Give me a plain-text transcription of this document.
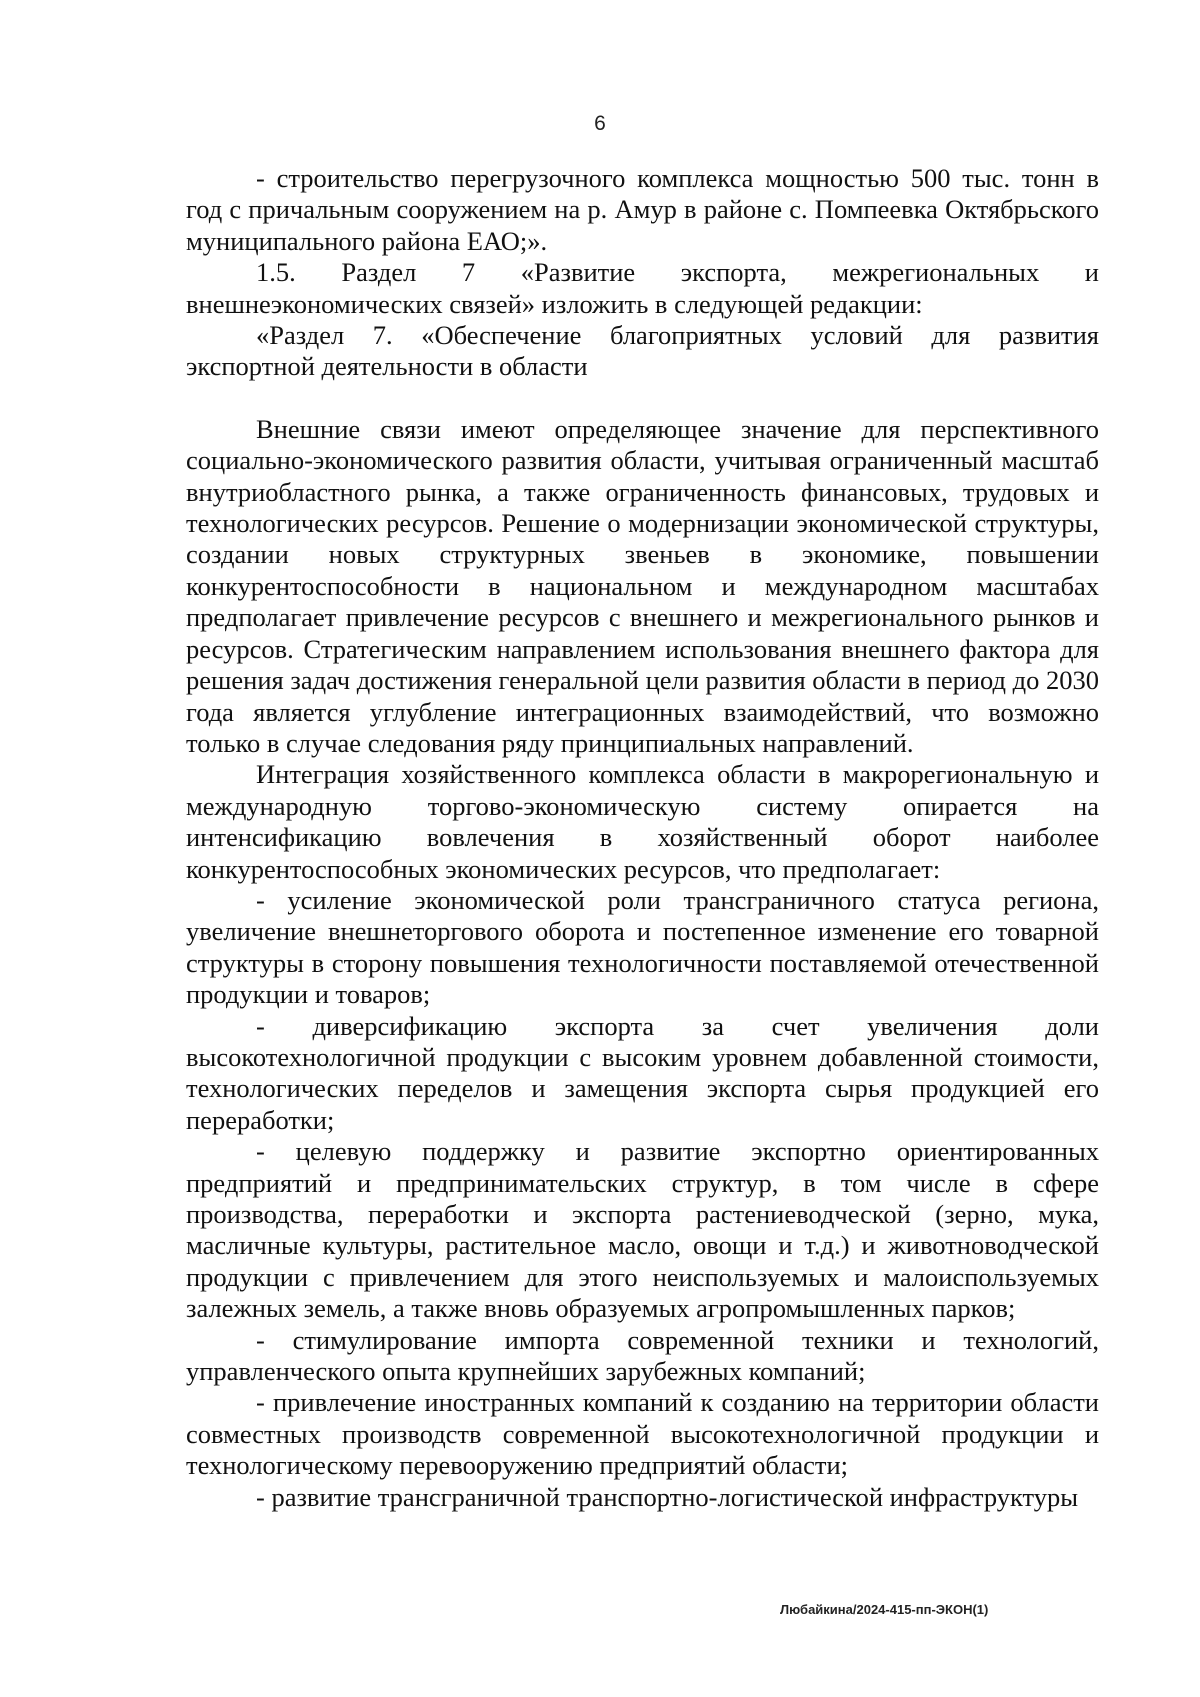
6

- строительство перегрузочного комплекса мощностью 500 тыс. тонн в год с причальным сооружением на р. Амур в районе с. Помпеевка Октябрьского муниципального района ЕАО;».

1.5. Раздел 7 «Развитие экспорта, межрегиональных и внешнеэкономических связей» изложить в следующей редакции:

«Раздел 7. «Обеспечение благоприятных условий для развития экспортной деятельности в области

Внешние связи имеют определяющее значение для перспективного социально-экономического развития области, учитывая ограниченный масштаб внутриобластного рынка, а также ограниченность финансовых, трудовых и технологических ресурсов. Решение о модернизации экономической структуры, создании новых структурных звеньев в экономике, повышении конкурентоспособности в национальном и международном масштабах предполагает привлечение ресурсов с внешнего и межрегионального рынков и ресурсов. Стратегическим направлением использования внешнего фактора для решения задач достижения генеральной цели развития области в период до 2030 года является углубление интеграционных взаимодействий, что возможно только в случае следования ряду принципиальных направлений.

Интеграция хозяйственного комплекса области в макрорегиональную и международную торгово-экономическую систему опирается на интенсификацию вовлечения в хозяйственный оборот наиболее конкурентоспособных экономических ресурсов, что предполагает:

- усиление экономической роли трансграничного статуса региона, увеличение внешнеторгового оборота и постепенное изменение его товарной структуры в сторону повышения технологичности поставляемой отечественной продукции и товаров;

- диверсификацию экспорта за счет увеличения доли высокотехнологичной продукции с высоким уровнем добавленной стоимости, технологических переделов и замещения экспорта сырья продукцией его переработки;

- целевую поддержку и развитие экспортно ориентированных предприятий и предпринимательских структур, в том числе в сфере производства, переработки и экспорта растениеводческой (зерно, мука, масличные культуры, растительное масло, овощи и т.д.) и животноводческой продукции с привлечением для этого неиспользуемых и малоиспользуемых залежных земель, а также вновь образуемых агропромышленных парков;

- стимулирование импорта современной техники и технологий, управленческого опыта крупнейших зарубежных компаний;

- привлечение иностранных компаний к созданию на территории области совместных производств современной высокотехнологичной продукции и технологическому перевооружению предприятий области;

- развитие трансграничной транспортно-логистической инфраструктуры

Любайкина/2024-415-пп-ЭКОН(1)
